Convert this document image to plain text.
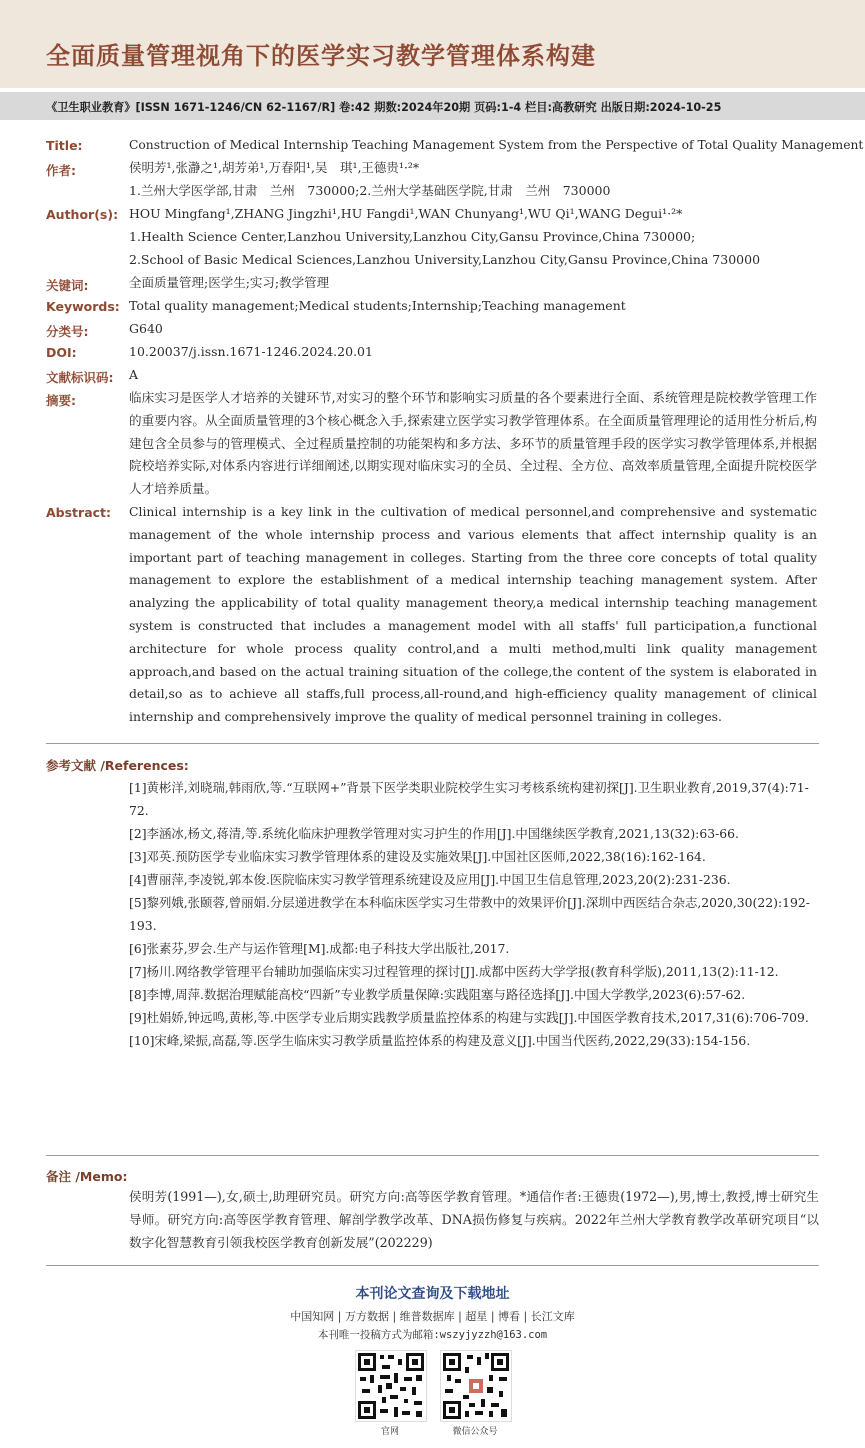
全面质量管理视角下的医学实习教学管理体系构建
《卫生职业教育》[ISSN 1671-1246/CN 62-1167/R] 卷:42 期数:2024年20期 页码:1-4 栏目:高教研究 出版日期:2024-10-25
Title:	Construction of Medical Internship Teaching Management System from the Perspective of Total Quality Management
作者:	侯明芳¹,张瀞之¹,胡芳弟¹,万春阳¹,吴　琪¹,王德贵¹·²*
1.兰州大学医学部,甘肃　兰州　730000;2.兰州大学基础医学院,甘肃　兰州　730000
Author(s): HOU Mingfang¹,ZHANG Jingzhi¹,HU Fangdi¹,WAN Chunyang¹,WU Qi¹,WANG Degui¹·²*
1.Health Science Center,Lanzhou University,Lanzhou City,Gansu Province,China 730000;
2.School of Basic Medical Sciences,Lanzhou University,Lanzhou City,Gansu Province,China 730000
关键词:	全面质量管理;医学生;实习;教学管理
Keywords: Total quality management;Medical students;Internship;Teaching management
分类号:	G640
DOI:	10.20037/j.issn.1671-1246.2024.20.01
文献标识码: A
摘要:	临床实习是医学人才培养的关键环节,对实习的整个环节和影响实习质量的各个要素进行全面、系统管理是院校教学管理工作的重要内容。从全面质量管理的3个核心概念入手,探索建立医学实习教学管理体系。在全面质量管理理论的适用性分析后,构建包含全员参与的管理模式、全过程质量控制的功能架构和多方法、多环节的质量管理手段的医学实习教学管理体系,并根据院校培养实际,对体系内容进行详细阐述,以期实现对临床实习的全员、全过程、全方位、高效率质量管理,全面提升院校医学人才培养质量。
Abstract: Clinical internship is a key link in the cultivation of medical personnel,and comprehensive and systematic management of the whole internship process and various elements that affect internship quality is an important part of teaching management in colleges. Starting from the three core concepts of total quality management to explore the establishment of a medical internship teaching management system. After analyzing the applicability of total quality management theory,a medical internship teaching management system is constructed that includes a management model with all staffs' full participation,a functional architecture for whole process quality control,and a multi method,multi link quality management approach,and based on the actual training situation of the college,the content of the system is elaborated in detail,so as to achieve all staffs,full process,all-round,and high-efficiency quality management of clinical internship and comprehensively improve the quality of medical personnel training in colleges.
参考文献 /References:

[1]黄彬洋,刘晓瑞,韩雨欣,等.“互联网+”背景下医学类职业院校学生实习考核系统构建初探[J].卫生职业教育,2019,37(4):71-72.

[2]李涵冰,杨文,蒋清,等.系统化临床护理教学管理对实习护生的作用[J].中国继续医学教育,2021,13(32):63-66.

[3]邓英.预防医学专业临床实习教学管理体系的建设及实施效果[J].中国社区医师,2022,38(16):162-164.

[4]曹丽萍,李凌锐,郭本俊.医院临床实习教学管理系统建设及应用[J].中国卫生信息管理,2023,20(2):231-236.

[5]黎列娥,张颐蓉,曾丽娟.分层递进教学在本科临床医学实习生带教中的效果评价[J].深圳中西医结合杂志,2020,30(22):192-193.

[6]张素芬,罗会.生产与运作管理[M].成都:电子科技大学出版社,2017.

[7]杨川.网络教学管理平台辅助加强临床实习过程管理的探讨[J].成都中医药大学学报(教育科学版),2011,13(2):11-12.

[8]李博,周萍.数据治理赋能高校“四新”专业教学质量保障:实践阻塞与路径选择[J].中国大学教学,2023(6):57-62.

[9]杜娟娇,钟远鸣,黄彬,等.中医学专业后期实践教学质量监控体系的构建与实践[J].中国医学教育技术,2017,31(6):706-709.

[10]宋峰,梁振,高磊,等.医学生临床实习教学质量监控体系的构建及意义[J].中国当代医药,2022,29(33):154-156.

备注 /Memo:
侯明芳(1991—),女,硕士,助理研究员。研究方向:高等医学教育管理。*通信作者:王德贵(1972—),男,博士,教授,博士研究生导师。研究方向:高等医学教育管理、解剖学教学改革、DNA损伤修复与疾病。2022年兰州大学教育教学改革研究项目“以数字化智慧教育引领我校医学教育创新发展”(202229)
本刊论文查询及下载地址
中国知网 | 万方数据 | 维普数据库 | 超星 | 博看 | 长江文库
本刊唯一投稿方式为邮箱:wszyjyzzh@163.com
官网	微信公众号
